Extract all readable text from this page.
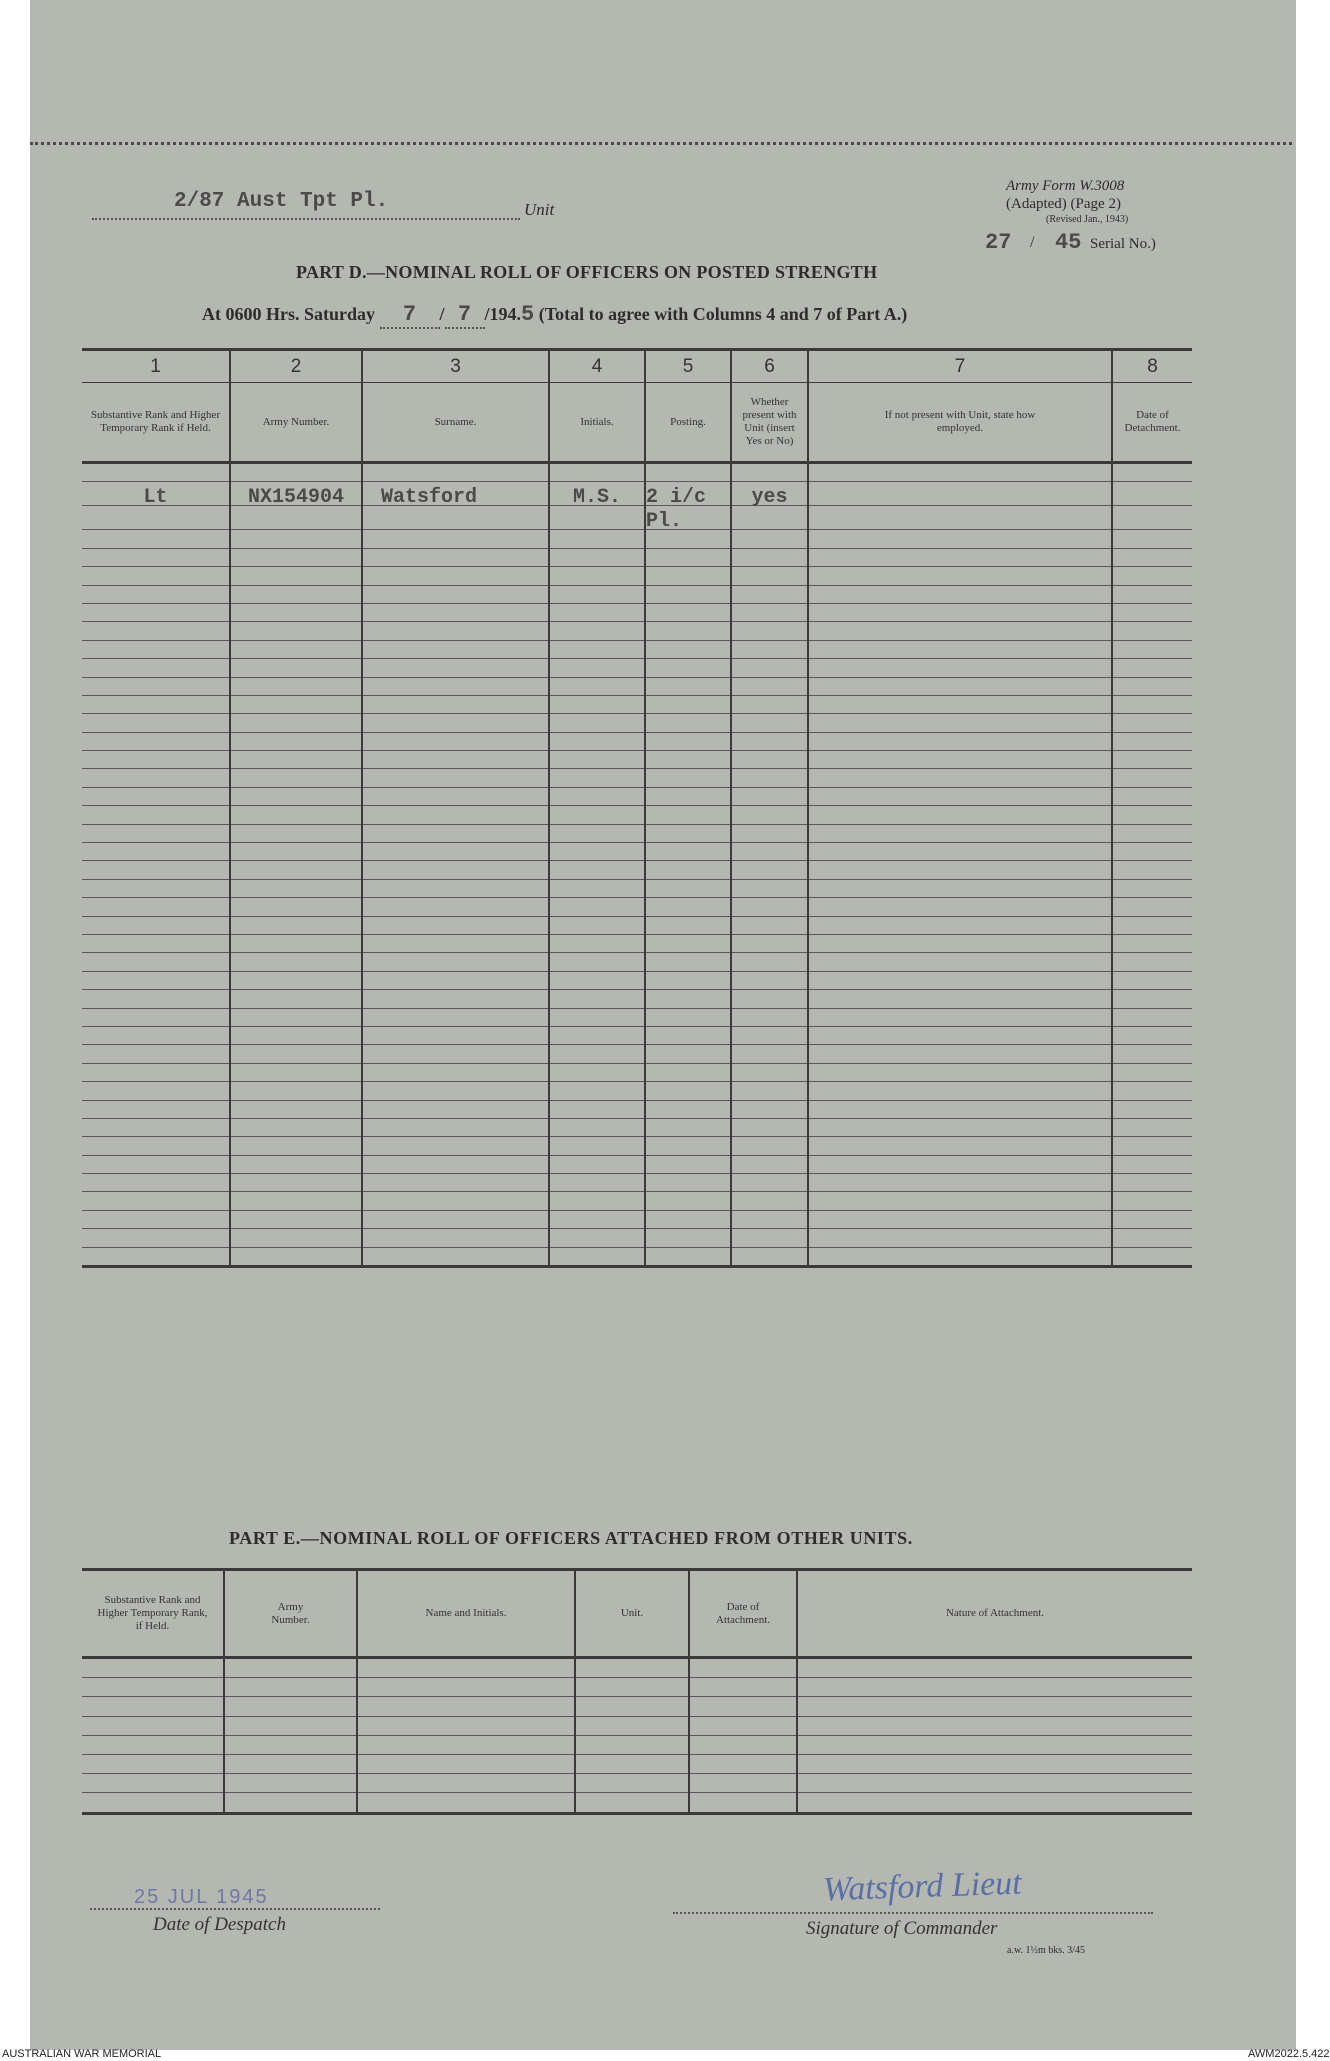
2/87 Aust Tpt Pl.	Unit
Army Form W.3008
(Adapted) (Page 2)
(Revised Jan., 1943)
27 / 45 Serial No.)
PART D.—NOMINAL ROLL OF OFFICERS ON POSTED STRENGTH
At 0600 Hrs. Saturday 7 / 7 /194.5 (Total to agree with Columns 4 and 7 of Part A.)
1	2	3	4	5	6	7	8
Substantive Rank and Higher Temporary Rank if Held.	Army Number.	Surname.	Initials.	Posting.	Whether present with Unit (insert Yes or No)	If not present with Unit, state how employed.	Date of Detachment.

Lt	NX154904	Watsford	M.S.	2 i/c	yes		
				Pl.			

PART E.—NOMINAL ROLL OF OFFICERS ATTACHED FROM OTHER UNITS.
Substantive Rank and Higher Temporary Rank, if Held.	Army Number.	Name and Initials.	Unit.	Date of Attachment.	Nature of Attachment.

25 JUL 1945
Date of Despatch
Watsford Lieut
Signature of Commander
a.w. 1½m bks. 3/45
AUSTRALIAN WAR MEMORIAL	AWM2022.5.422
